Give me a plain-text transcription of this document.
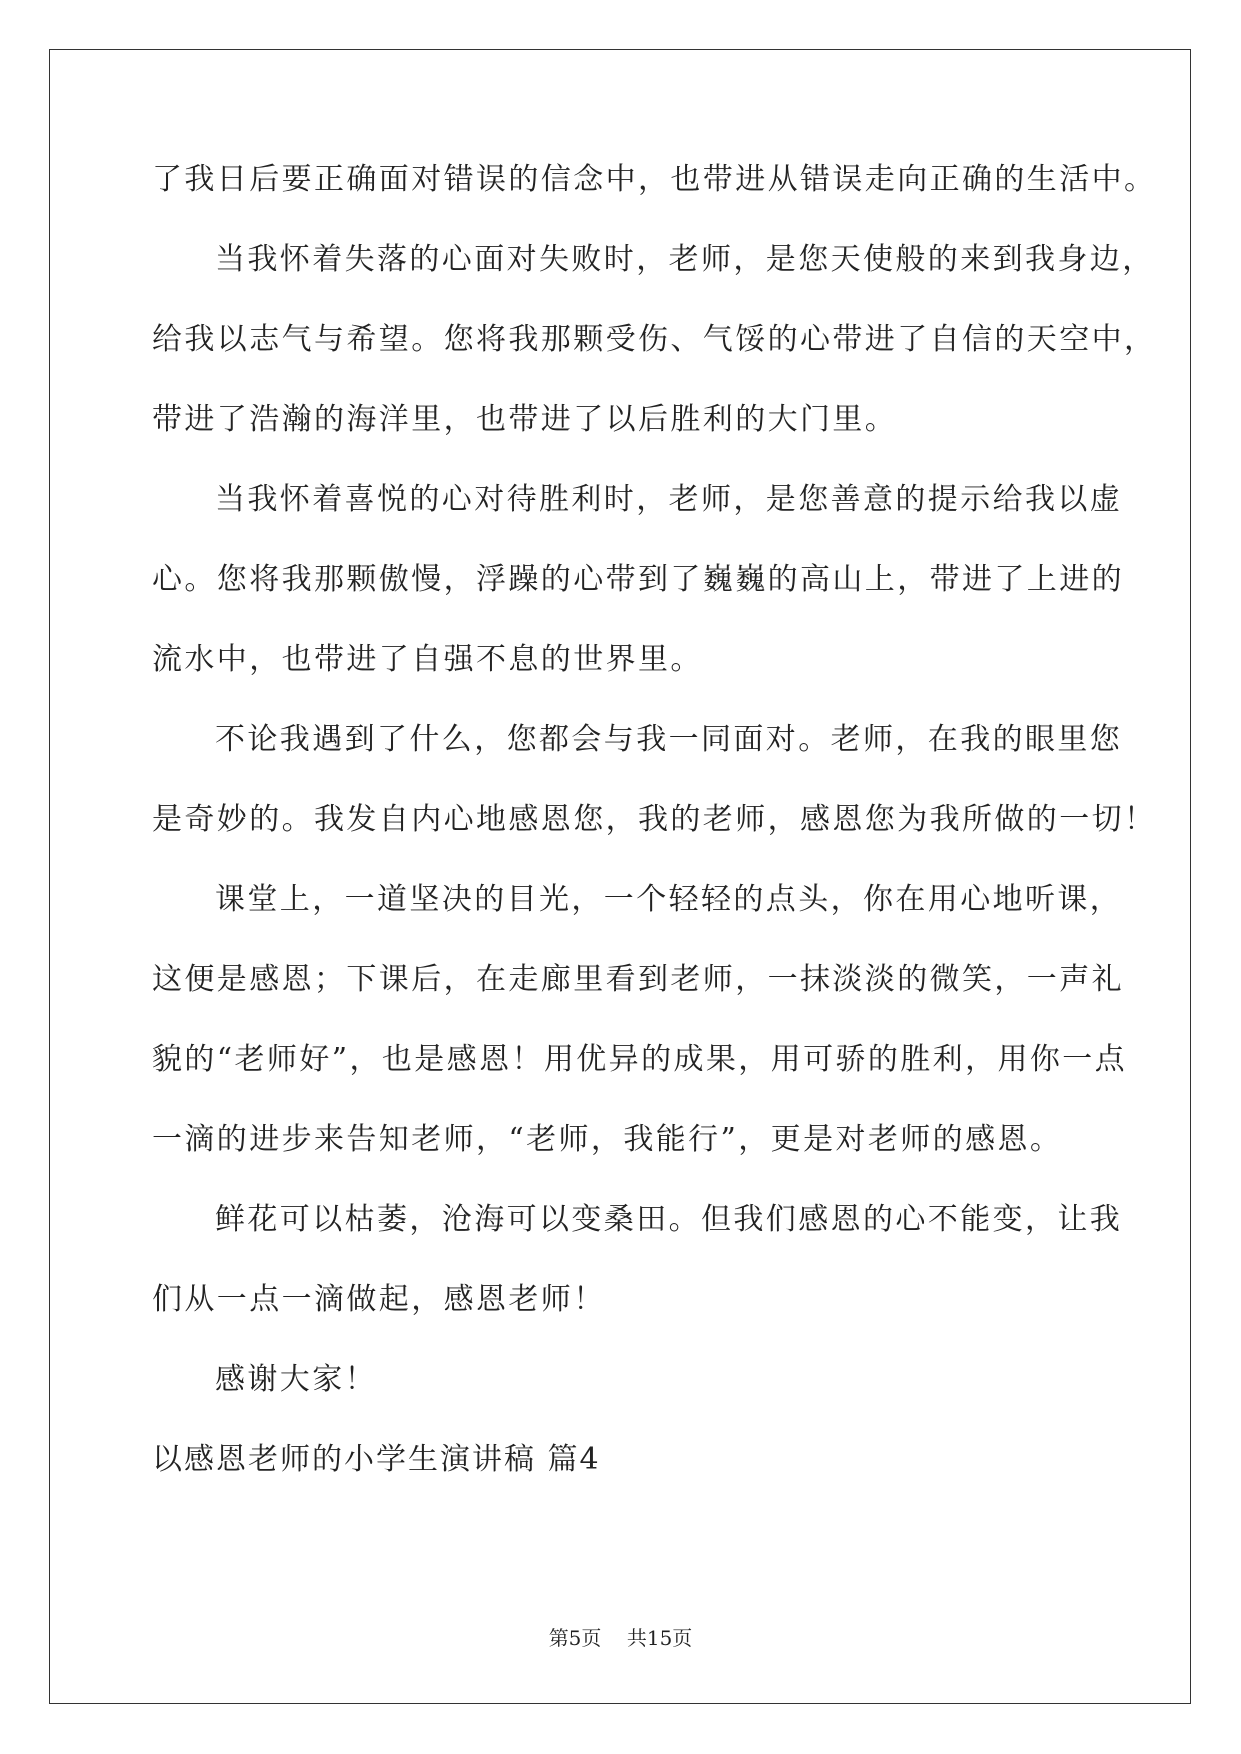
了我日后要正确面对错误的信念中，也带进从错误走向正确的生活中。
当我怀着失落的心面对失败时，老师，是您天使般的来到我身边，
给我以志气与希望。您将我那颗受伤、气馁的心带进了自信的天空中，
带进了浩瀚的海洋里，也带进了以后胜利的大门里。
当我怀着喜悦的心对待胜利时，老师，是您善意的提示给我以虚
心。您将我那颗傲慢，浮躁的心带到了巍巍的高山上，带进了上进的
流水中，也带进了自强不息的世界里。
不论我遇到了什么，您都会与我一同面对。老师，在我的眼里您
是奇妙的。我发自内心地感恩您，我的老师，感恩您为我所做的一切！
课堂上，一道坚决的目光，一个轻轻的点头，你在用心地听课，
这便是感恩；下课后，在走廊里看到老师，一抹淡淡的微笑，一声礼
貌的“老师好”，也是感恩！用优异的成果，用可骄的胜利，用你一点
一滴的进步来告知老师，“老师，我能行”，更是对老师的感恩。
鲜花可以枯萎，沧海可以变桑田。但我们感恩的心不能变，让我
们从一点一滴做起，感恩老师！
感谢大家！
以感恩老师的小学生演讲稿 篇4
第5页 共15页
